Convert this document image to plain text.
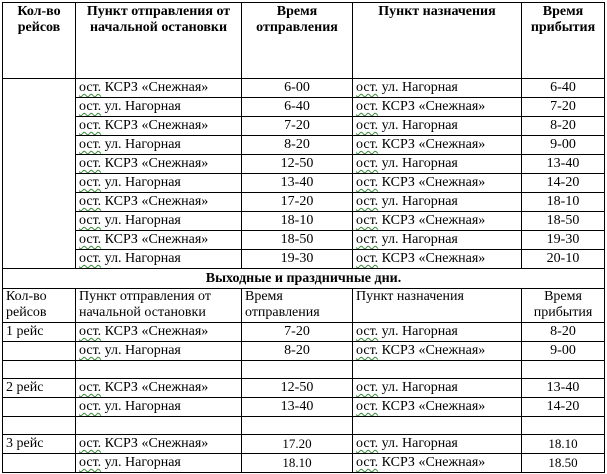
Кол-во рейсов	Пункт отправления от начальной остановки	Время отправления	Пункт назначения	Время прибытия
	ост. КСРЗ «Снежная»	6-00	ост. ул. Нагорная	6-40
	ост. ул. Нагорная	6-40	ост. КСРЗ «Снежная»	7-20
	ост. КСРЗ «Снежная»	7-20	ост. ул. Нагорная	8-20
	ост. ул. Нагорная	8-20	ост. КСРЗ «Снежная»	9-00
	ост. КСРЗ «Снежная»	12-50	ост. ул. Нагорная	13-40
	ост. ул. Нагорная	13-40	ост. КСРЗ «Снежная»	14-20
	ост. КСРЗ «Снежная»	17-20	ост. ул. Нагорная	18-10
	ост. ул. Нагорная	18-10	ост. КСРЗ «Снежная»	18-50
	ост. КСРЗ «Снежная»	18-50	ост. ул. Нагорная	19-30
	ост. ул. Нагорная	19-30	ост. КСРЗ «Снежная»	20-10
Выходные и праздничные дни.				
Кол-во рейсов	Пункт отправления от начальной остановки	Время отправления	Пункт назначения	Время прибытия
1 рейс	ост. КСРЗ «Снежная»	7-20	ост. ул. Нагорная	8-20
	ост. ул. Нагорная	8-20	ост. КСРЗ «Снежная»	9-00

2 рейс	ост. КСРЗ «Снежная»	12-50	ост. ул. Нагорная	13-40
	ост. ул. Нагорная	13-40	ост. КСРЗ «Снежная»	14-20

3 рейс	ост. КСРЗ «Снежная»	17.20	ост. ул. Нагорная	18.10
	ост. ул. Нагорная	18.10	ост. КСРЗ «Снежная»	18.50
